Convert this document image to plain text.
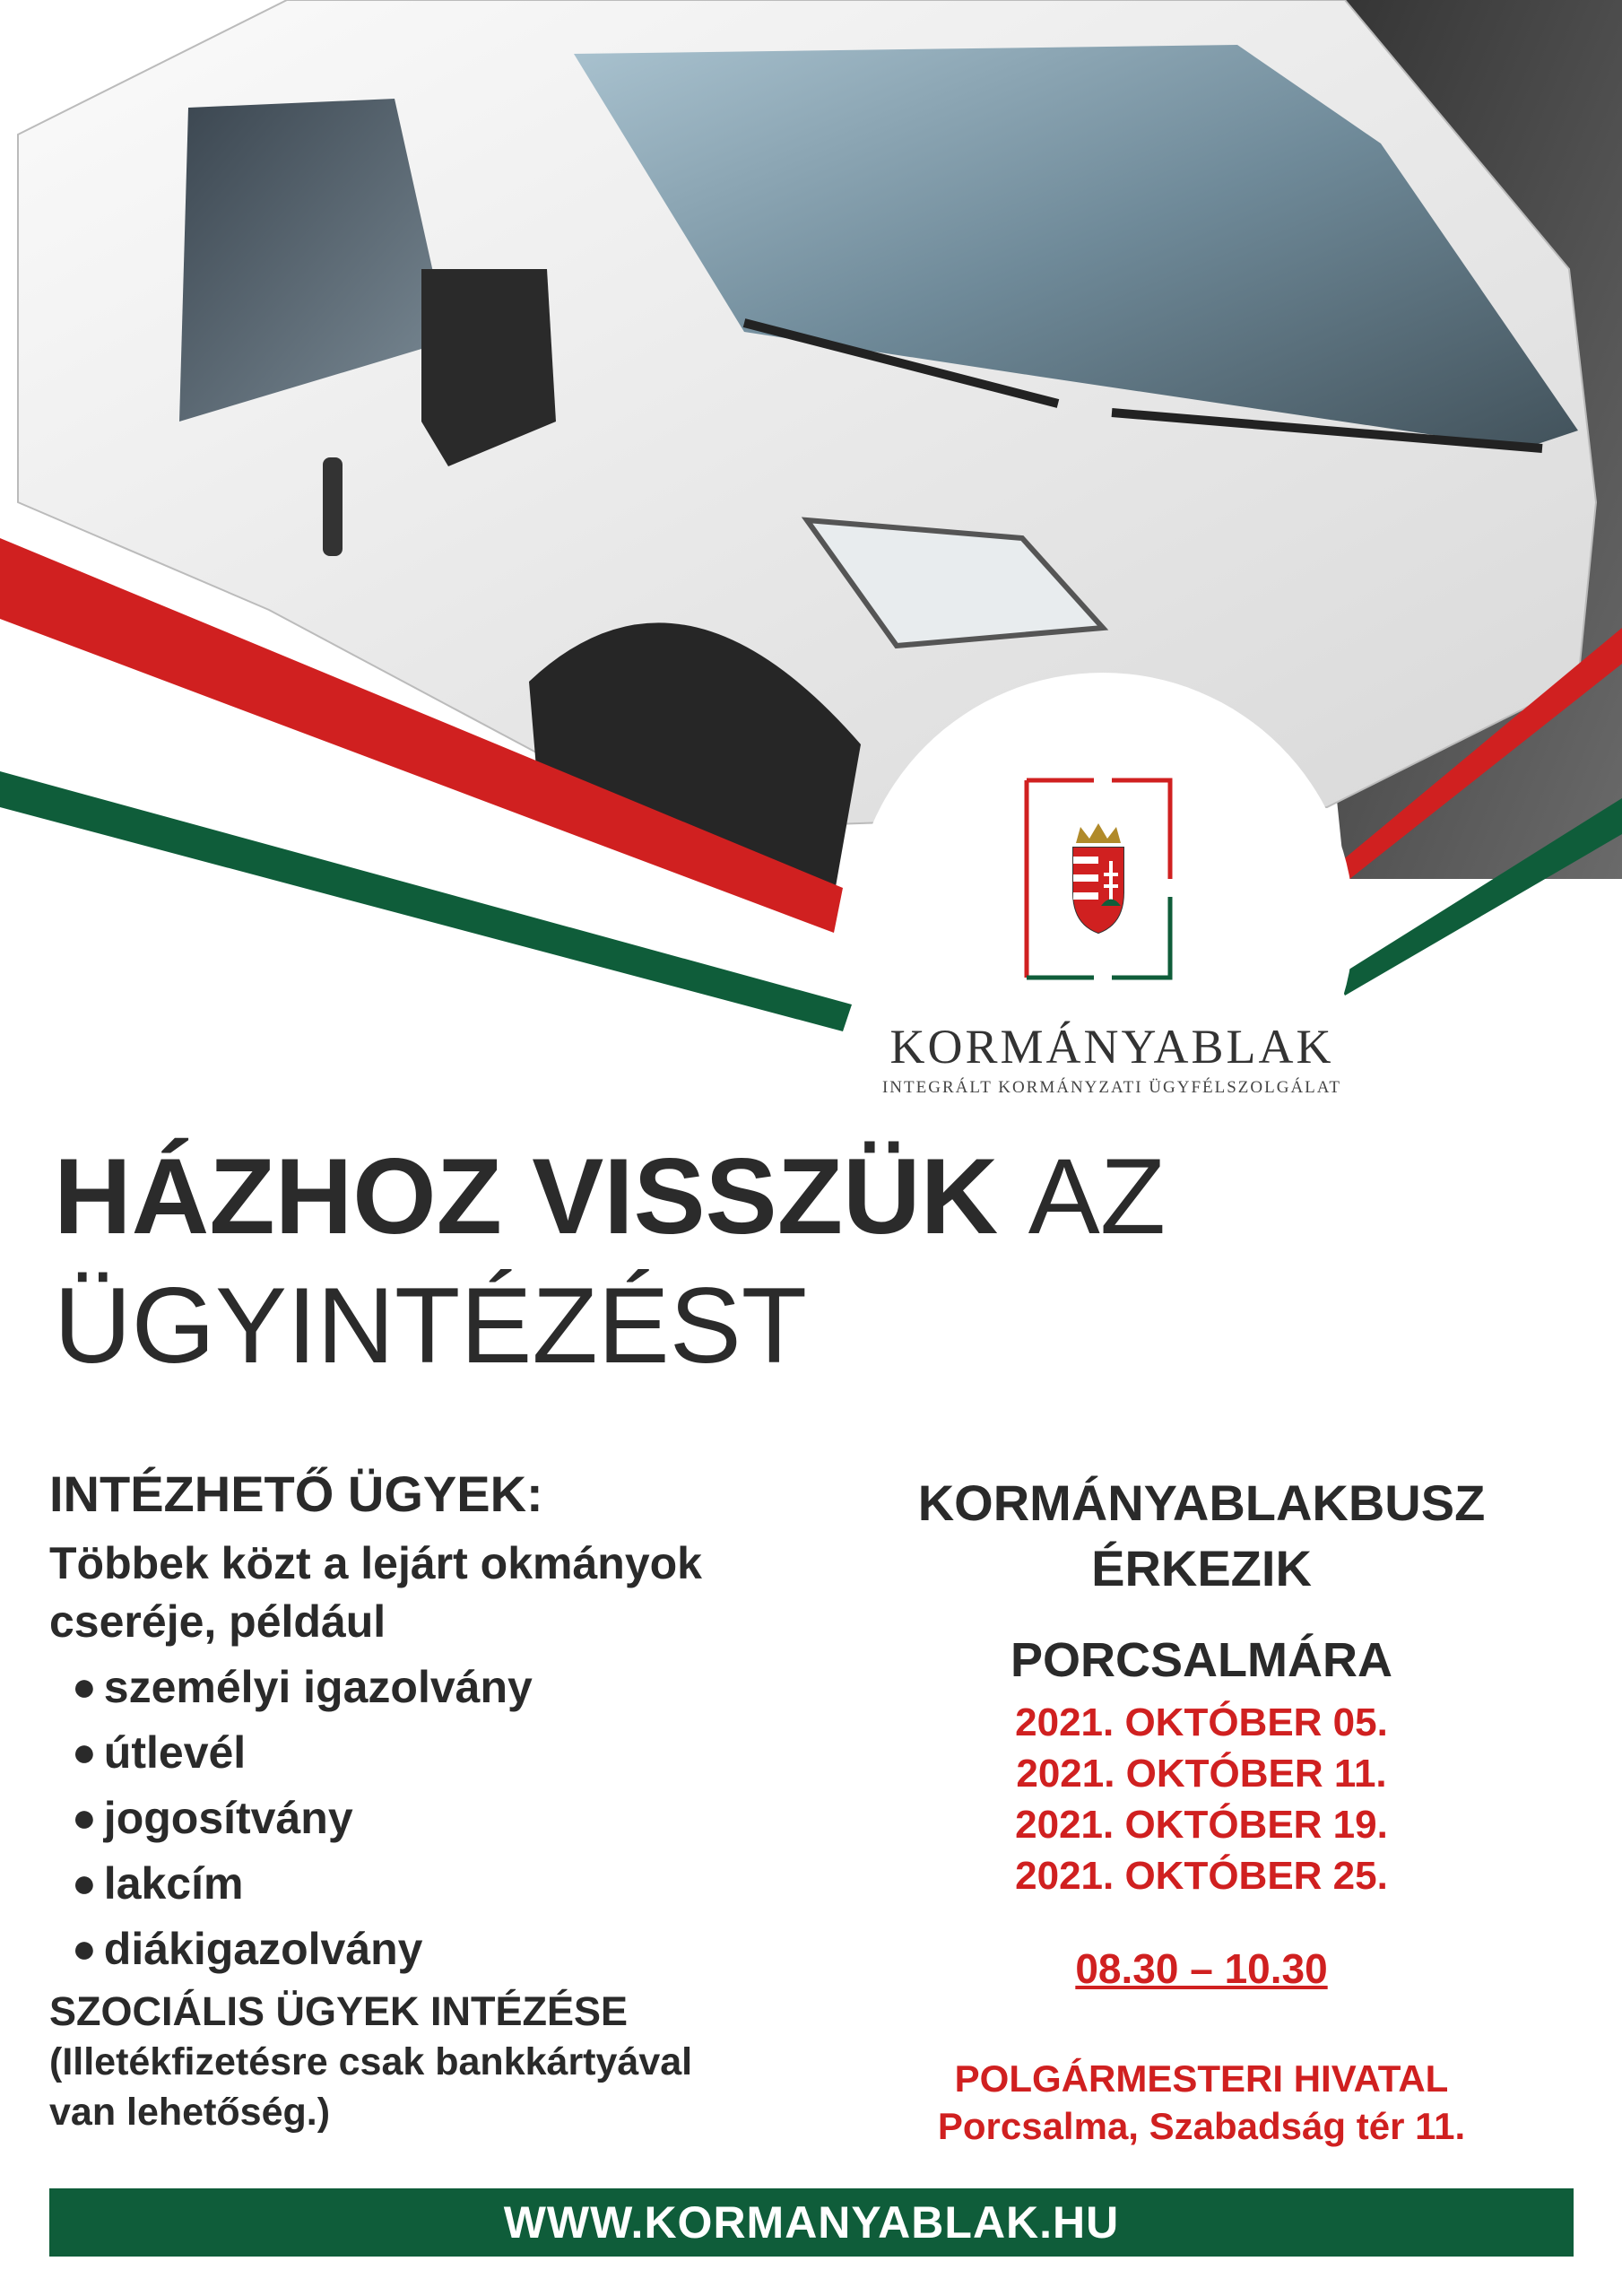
KORMÁNYABLAK
INTEGRÁLT KORMÁNYZATI ÜGYFÉLSZOLGÁLAT
HÁZHOZ VISSZÜK AZ
ÜGYINTÉZÉST
INTÉZHETŐ ÜGYEK:
Többek közt a lejárt okmányok
cseréje, például
● személyi igazolvány
● útlevél
● jogosítvány
● lakcím
● diákigazolvány
SZOCIÁLIS ÜGYEK INTÉZÉSE
(Illetékfizetésre csak bankkártyával
van lehetőség.)
KORMÁNYABLAKBUSZ
ÉRKEZIK
PORCSALMÁRA
2021. OKTÓBER 05.
2021. OKTÓBER 11.
2021. OKTÓBER 19.
2021. OKTÓBER 25.
08.30 – 10.30
POLGÁRMESTERI HIVATAL
Porcsalma, Szabadság tér 11.
WWW.KORMANYABLAK.HU
